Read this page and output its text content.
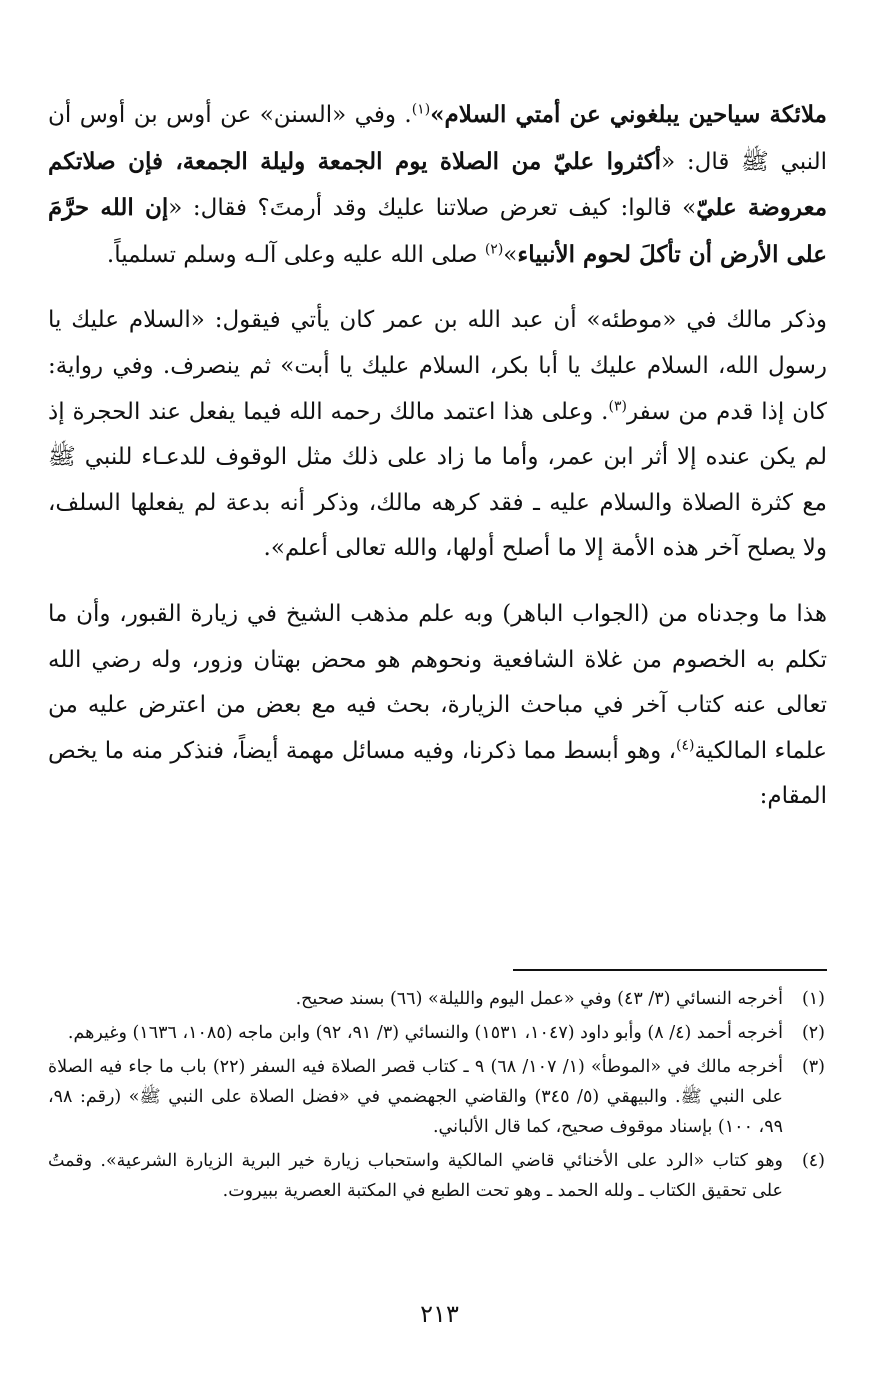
ملائكة سياحين يبلغوني عن أمتي السلام»$^{(١)}$. وفي «السنن» عن أوس بن أوس أن النبي ﷺ قال: «أكثروا عليّ من الصلاة يوم الجمعة وليلة الجمعة، فإن صلاتكم معروضة عليّ» قالوا: كيف تعرض صلاتنا عليك وقد أرمتَ؟ فقال: «إن الله حرَّمَ على الأرض أن تأكلَ لحوم الأنبياء»$^{(٢)}$ صلى الله عليه وعلى آلـه وسلم تسلمياً.

وذكر مالك في «موطئه» أن عبد الله بن عمر كان يأتي فيقول: «السلام عليك يا رسول الله، السلام عليك يا أبا بكر، السلام عليك يا أبت» ثم ينصرف. وفي رواية: كان إذا قدم من سفر$^{(٣)}$. وعلى هذا اعتمد مالك رحمه الله فيما يفعل عند الحجرة إذ لم يكن عنده إلا أثر ابن عمر، وأما ما زاد على ذلك مثل الوقوف للدعـاء للنبي ﷺ مع كثرة الصلاة والسلام عليه ـ فقد كرهه مالك، وذكر أنه بدعة لم يفعلها السلف، ولا يصلح آخر هذه الأمة إلا ما أصلح أولها، والله تعالى أعلم».

هذا ما وجدناه من (الجواب الباهر) وبه علم مذهب الشيخ في زيارة القبور، وأن ما تكلم به الخصوم من غلاة الشافعية ونحوهم هو محض بهتان وزور، وله رضي الله تعالى عنه كتاب آخر في مباحث الزيارة، بحث فيه مع بعض من اعترض عليه من علماء المالكية$^{(٤)}$، وهو أبسط مما ذكرنا، وفيه مسائل مهمة أيضاً، فنذكر منه ما يخص المقام:

(١)
أخرجه النسائي (٣/ ٤٣) وفي «عمل اليوم والليلة» (٦٦) بسند صحيح.
(٢)
أخرجه أحمد (٤/ ٨) وأبو داود (١٠٤٧، ١٥٣١) والنسائي (٣/ ٩١، ٩٢) وابن ماجه (١٠٨٥، ١٦٣٦) وغيرهم.
(٣)
أخرجه مالك في «الموطأ» (١/ ١٠٧/ ٦٨) ٩ ـ كتاب قصر الصلاة فيه السفر (٢٢) باب ما جاء فيه الصلاة على النبي ﷺ. والبيهقي (٥/ ٣٤٥) والقاضي الجهضمي في «فضل الصلاة على النبي ﷺ» (رقم: ٩٨، ٩٩، ١٠٠) بإسناد موقوف صحيح، كما قال الألباني.
(٤)
وهو كتاب «الرد على الأخنائي قاضي المالكية واستحباب زيارة خير البرية الزيارة الشرعية». وقمتُ على تحقيق الكتاب ـ ولله الحمد ـ وهو تحت الطبع في المكتبة العصرية ببيروت.
٢١٣
